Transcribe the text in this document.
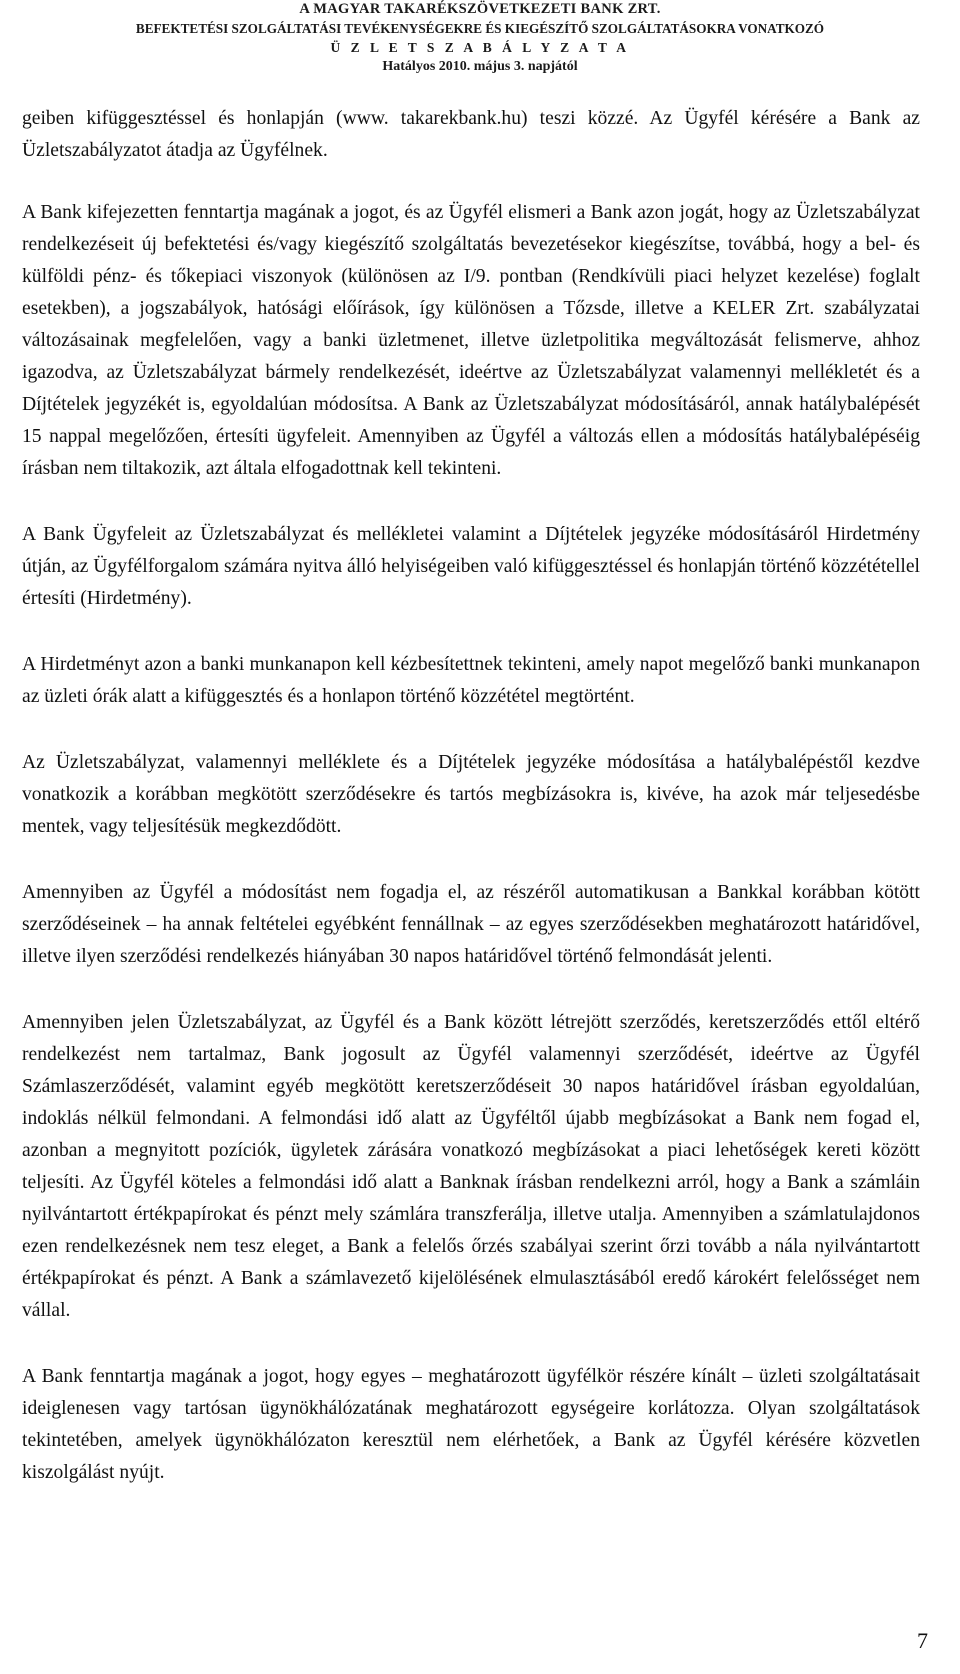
A MAGYAR TAKARÉKSZÖVETKEZETI BANK ZRT.
BEFEKTETÉSI SZOLGÁLTATÁSI TEVÉKENYSÉGEKRE ÉS KIEGÉSZÍTŐ SZOLGÁLTATÁSOKRA VONATKOZÓ
Ü Z L E T S Z A B Á L Y Z A T A
Hatályos 2010. május 3. napjától

geiben kifüggesztéssel és honlapján (www. takarekbank.hu) teszi közzé. Az Ügyfél kérésére a Bank az Üzletszabályzatot átadja az Ügyfélnek.

A Bank kifejezetten fenntartja magának a jogot, és az Ügyfél elismeri a Bank azon jogát, hogy az Üzletszabályzat rendelkezéseit új befektetési és/vagy kiegészítő szolgáltatás bevezetésekor kiegészítse, továbbá, hogy a bel- és külföldi pénz- és tőkepiaci viszonyok (különösen az I/9. pontban (Rendkívüli piaci helyzet kezelése) foglalt esetekben), a jogszabályok, hatósági előírások, így különösen a Tőzsde, illetve a KELER Zrt. szabályzatai változásainak megfelelően, vagy a banki üzletmenet, illetve üzletpolitika megváltozását felismerve, ahhoz igazodva, az Üzletszabályzat bármely rendelkezését, ideértve az Üzletszabályzat valamennyi mellékletét és a Díjtételek jegyzékét is, egyoldalúan módosítsa. A Bank az Üzletszabályzat módosításáról, annak hatálybalépését 15 nappal megelőzően, értesíti ügyfeleit. Amennyiben az Ügyfél a változás ellen a módosítás hatálybalépéséig írásban nem tiltakozik, azt általa elfogadottnak kell tekinteni.

A Bank Ügyfeleit az Üzletszabályzat és mellékletei valamint a Díjtételek jegyzéke módosításáról Hirdetmény útján, az Ügyfélforgalom számára nyitva álló helyiségeiben való kifüggesztéssel és honlapján történő közzététellel értesíti (Hirdetmény).

A Hirdetményt azon a banki munkanapon kell kézbesítettnek tekinteni, amely napot megelőző banki munkanapon az üzleti órák alatt a kifüggesztés és a honlapon történő közzététel megtörtént.

Az Üzletszabályzat, valamennyi melléklete és a Díjtételek jegyzéke módosítása a hatálybalépéstől kezdve vonatkozik a korábban megkötött szerződésekre és tartós megbízásokra is, kivéve, ha azok már teljesedésbe mentek, vagy teljesítésük megkezdődött.

Amennyiben az Ügyfél a módosítást nem fogadja el, az részéről automatikusan a Bankkal korábban kötött szerződéseinek – ha annak feltételei egyébként fennállnak – az egyes szerződésekben meghatározott határidővel, illetve ilyen szerződési rendelkezés hiányában 30 napos határidővel történő felmondását jelenti.

Amennyiben jelen Üzletszabályzat, az Ügyfél és a Bank között létrejött szerződés, keretszerződés ettől eltérő rendelkezést nem tartalmaz, Bank jogosult az Ügyfél valamennyi szerződését, ideértve az Ügyfél Számlaszerződését, valamint egyéb megkötött keretszerződéseit 30 napos határidővel írásban egyoldalúan, indoklás nélkül felmondani. A felmondási idő alatt az Ügyféltől újabb megbízásokat a Bank nem fogad el, azonban a megnyitott pozíciók, ügyletek zárására vonatkozó megbízásokat a piaci lehetőségek kereti között teljesíti. Az Ügyfél köteles a felmondási idő alatt a Banknak írásban rendelkezni arról, hogy a Bank a számláin nyilvántartott értékpapírokat és pénzt mely számlára transzferálja, illetve utalja. Amennyiben a számlatulajdonos ezen rendelkezésnek nem tesz eleget, a Bank a felelős őrzés szabályai szerint őrzi tovább a nála nyilvántartott értékpapírokat és pénzt. A Bank a számlavezető kijelölésének elmulasztásából eredő károkért felelősséget nem vállal.

A Bank fenntartja magának a jogot, hogy egyes – meghatározott ügyfélkör részére kínált – üzleti szolgáltatásait ideiglenesen vagy tartósan ügynökhálózatának meghatározott egységeire korlátozza. Olyan szolgáltatások tekintetében, amelyek ügynökhálózaton keresztül nem elérhetőek, a Bank az Ügyfél kérésére közvetlen kiszolgálást nyújt.

7
